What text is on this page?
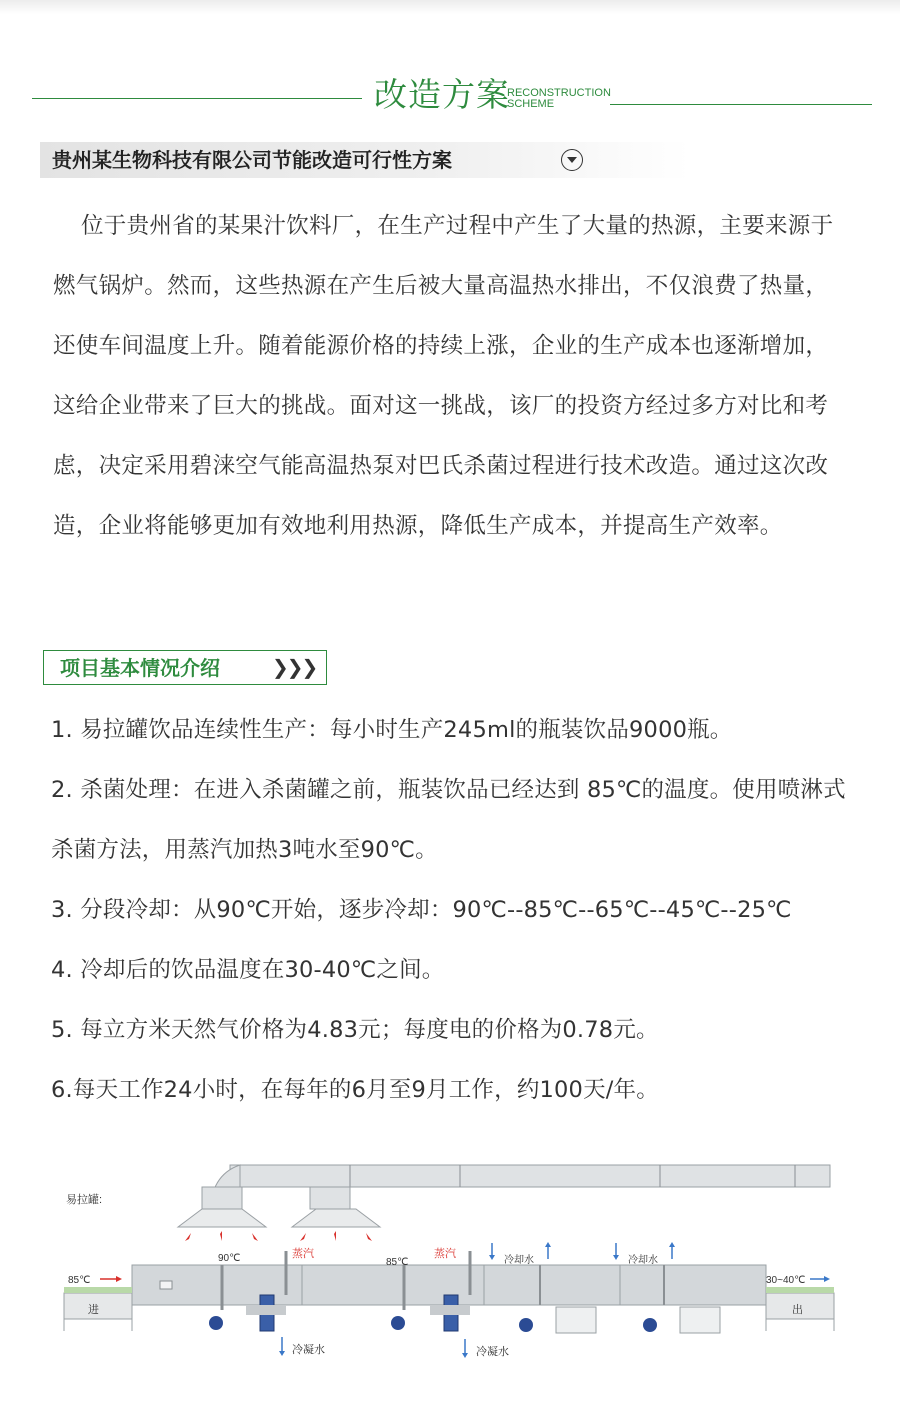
改造方案
RECONSTRUCTION
SCHEME
贵州某生物科技有限公司节能改造可行性方案
位于贵州省的某果汁饮料厂，在生产过程中产生了大量的热源，主要来源于燃气锅炉。然而，这些热源在产生后被大量高温热水排出，不仅浪费了热量，还使车间温度上升。随着能源价格的持续上涨，企业的生产成本也逐渐增加，这给企业带来了巨大的挑战。面对这一挑战，该厂的投资方经过多方对比和考虑，决定采用碧涞空气能高温热泵对巴氏杀菌过程进行技术改造。通过这次改造，企业将能够更加有效地利用热源，降低生产成本，并提高生产效率。
项目基本情况介绍	❯❯❯
1. 易拉罐饮品连续性生产：每小时生产245ml的瓶装饮品9000瓶。
2. 杀菌处理：在进入杀菌罐之前，瓶装饮品已经达到 85℃的温度。使用喷淋式杀菌方法，用蒸汽加热3吨水至90℃。
3. 分段冷却：从90℃开始，逐步冷却：90℃--85℃--65℃--45℃--25℃
4. 冷却后的饮品温度在30-40℃之间。
5. 每立方米天然气价格为4.83元；每度电的价格为0.78元。
6.每天工作24小时，在每年的6月至9月工作，约100天/年。
易拉罐:
进
85℃
出
30~40℃
90℃	蒸汽
冷凝水
85℃
蒸汽
冷凝水
冷却水	冷却水
